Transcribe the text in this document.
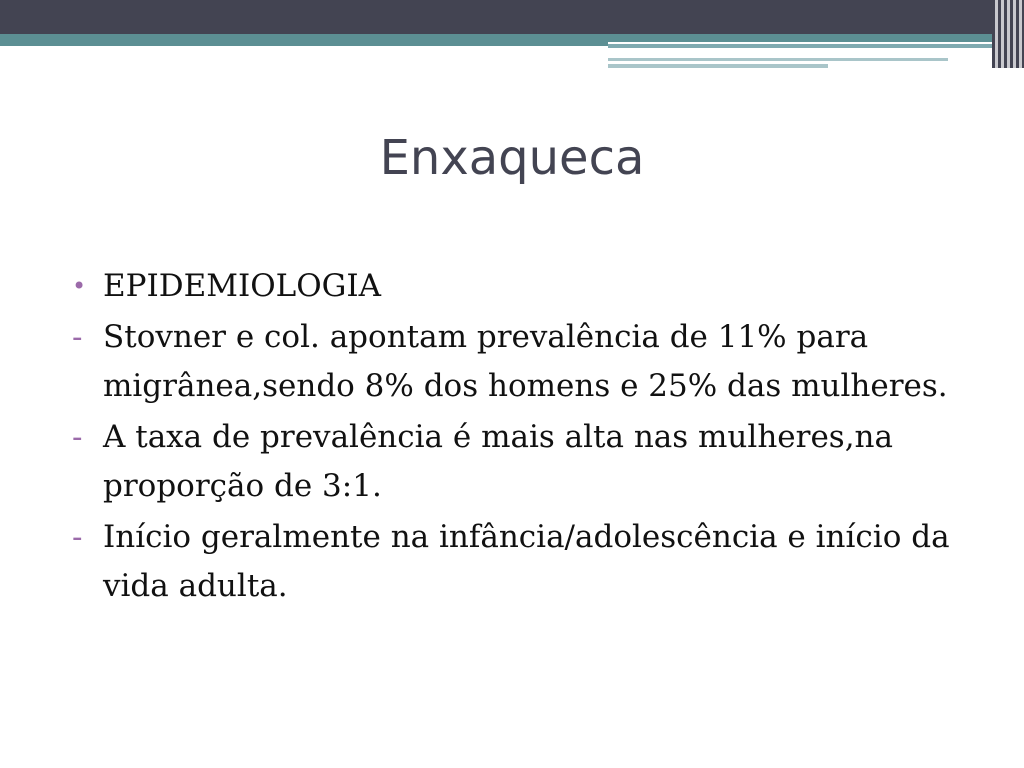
Enxaqueca
• EPIDEMIOLOGIA
- Stovner e col. apontam prevalência de 11% para migrânea,sendo 8% dos homens e 25% das mulheres.
- A taxa de prevalência é mais alta nas mulheres,na proporção de 3:1.
- Início geralmente na infância/adolescência e início da vida adulta.
